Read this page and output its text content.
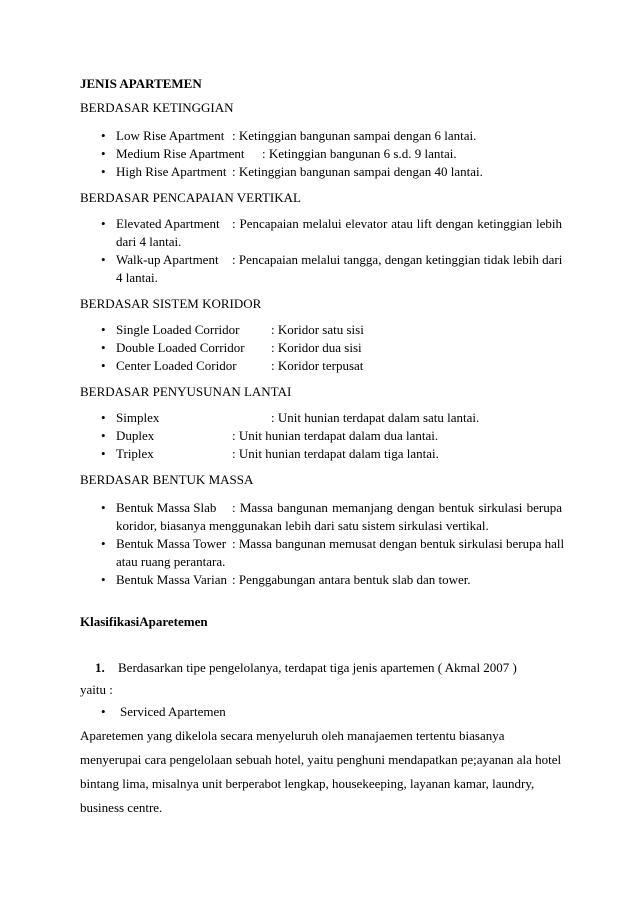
JENIS APARTEMEN
BERDASAR KETINGGIAN
• Low Rise Apartment : Ketinggian bangunan sampai dengan 6 lantai.
• Medium Rise Apartment : Ketinggian bangunan 6 s.d. 9 lantai.
• High Rise Apartment : Ketinggian bangunan sampai dengan 40 lantai.
BERDASAR PENCAPAIAN VERTIKAL
• Elevated Apartment : Pencapaian melalui elevator atau lift dengan ketinggian lebih
dari 4 lantai.
• Walk-up Apartment : Pencapaian melalui tangga, dengan ketinggian tidak lebih dari
4 lantai.
BERDASAR SISTEM KORIDOR
• Single Loaded Corridor : Koridor satu sisi
• Double Loaded Corridor : Koridor dua sisi
• Center Loaded Coridor	: Koridor terpusat
BERDASAR PENYUSUNAN LANTAI
• Simplex	: Unit hunian terdapat dalam satu lantai.
• Duplex	: Unit hunian terdapat dalam dua lantai.
• Triplex	: Unit hunian terdapat dalam tiga lantai.
BERDASAR BENTUK MASSA
• Bentuk Massa Slab : Massa bangunan memanjang dengan bentuk sirkulasi berupa
koridor, biasanya menggunakan lebih dari satu sistem sirkulasi vertikal.
• Bentuk Massa Tower : Massa bangunan memusat dengan bentuk sirkulasi berupa hall
atau ruang perantara.
• Bentuk Massa Varian : Penggabungan antara bentuk slab dan tower.
KlasifikasiAparetemen
1. Berdasarkan tipe pengelolanya, terdapat tiga jenis apartemen ( Akmal 2007 )
yaitu :
• Serviced Apartemen
Aparetemen yang dikelola secara menyeluruh oleh manajaemen tertentu biasanya
menyerupai cara pengelolaan sebuah hotel, yaitu penghuni mendapatkan pe;ayanan ala hotel
bintang lima, misalnya unit berperabot lengkap, housekeeping, layanan kamar, laundry,
business centre.
